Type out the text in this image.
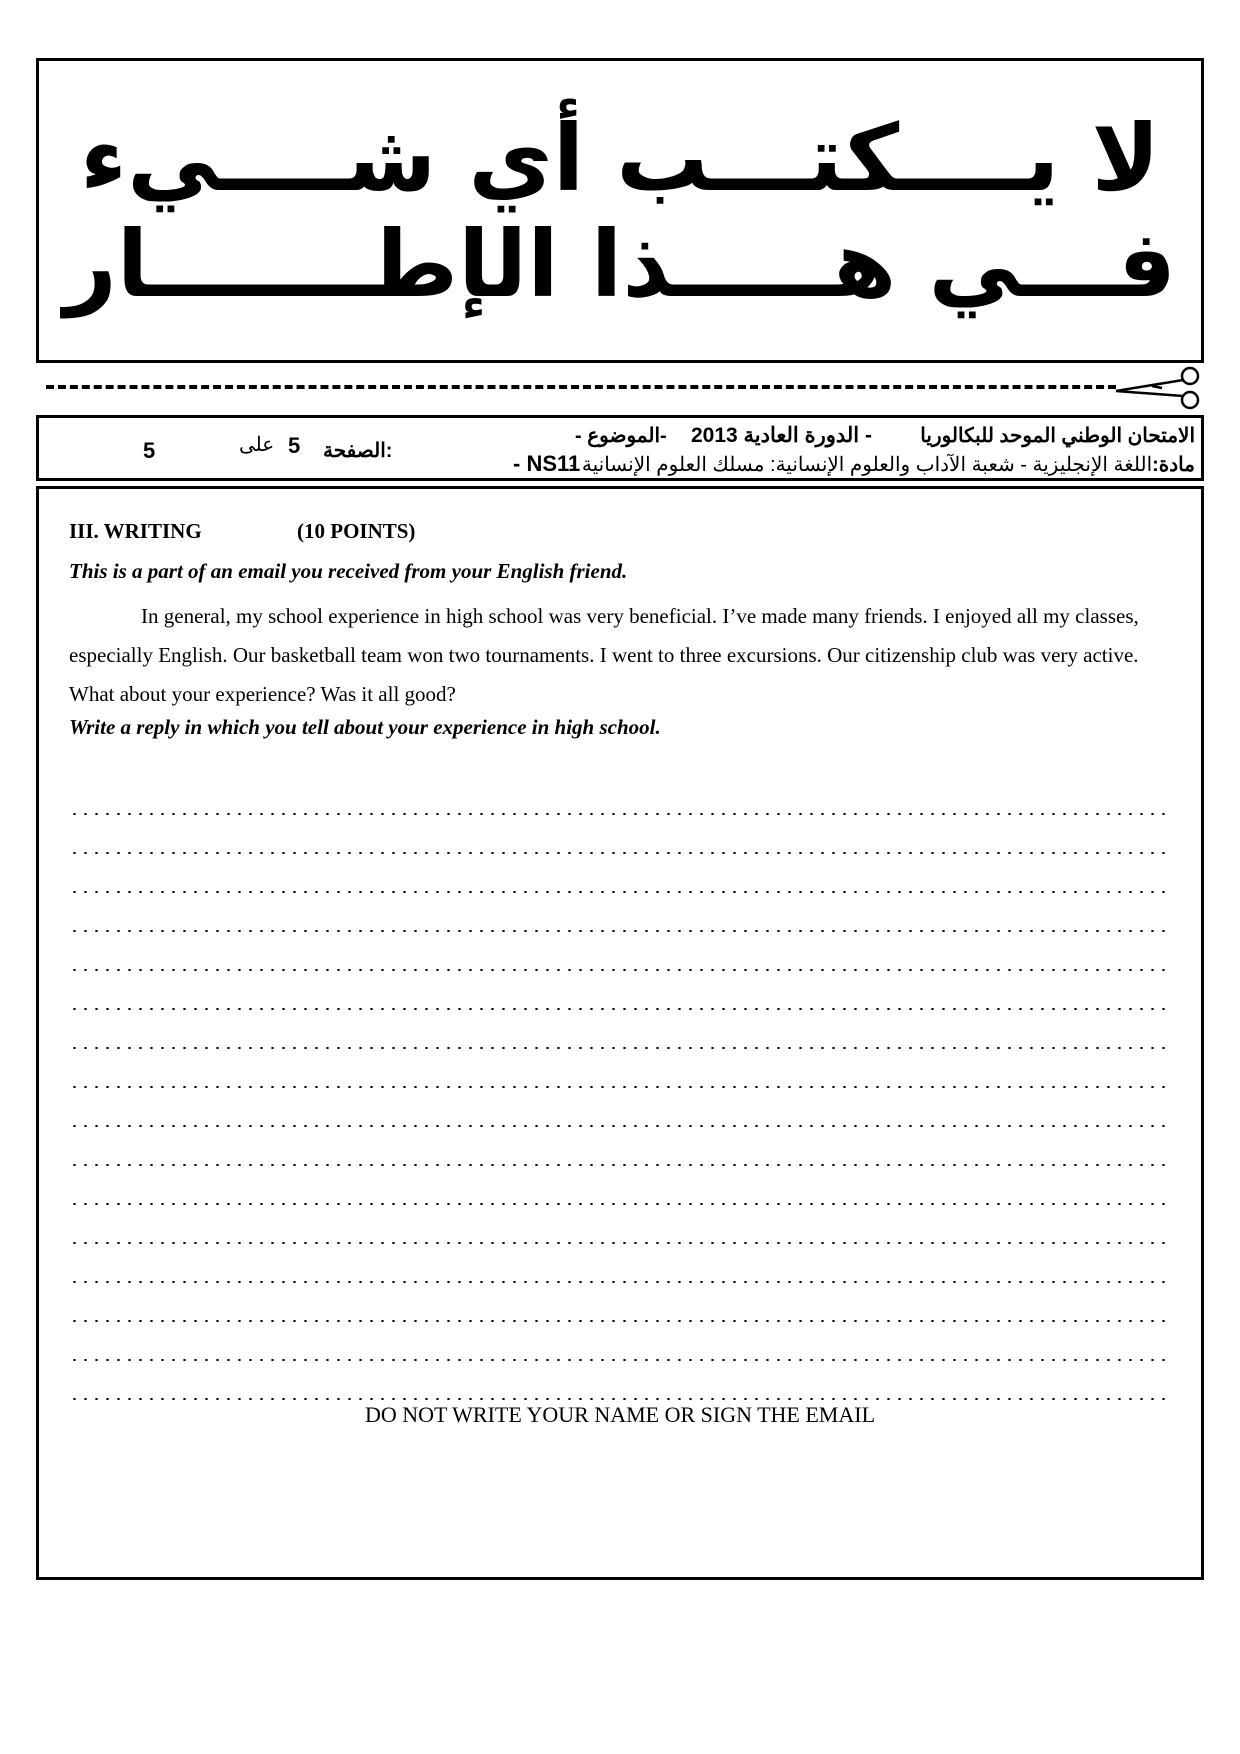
لا يــــكتـــب أي شــــيء
فـــي هـــــذا الإطـــــــار
الامتحان الوطني الموحد للبكالوريا
- الدورة العادية 2013
-الموضوع -
مادة:اللغة الإنجليزية - شعبة الآداب والعلوم الإنسانية: مسلك العلوم الإنسانية -
- NS11
الصفحة:
5
على
5
III. WRITING	(10 POINTS)
This is a part of an email you received from your English friend.

In general, my school experience in high school was very beneficial. I’ve made many friends. I enjoyed all my classes, especially English. Our basketball team won two tournaments. I went to three excursions. Our citizenship club was very active. What about your experience? Was it all good?

Write a reply in which you tell about your experience in high school.
DO NOT WRITE YOUR NAME OR SIGN THE EMAIL
